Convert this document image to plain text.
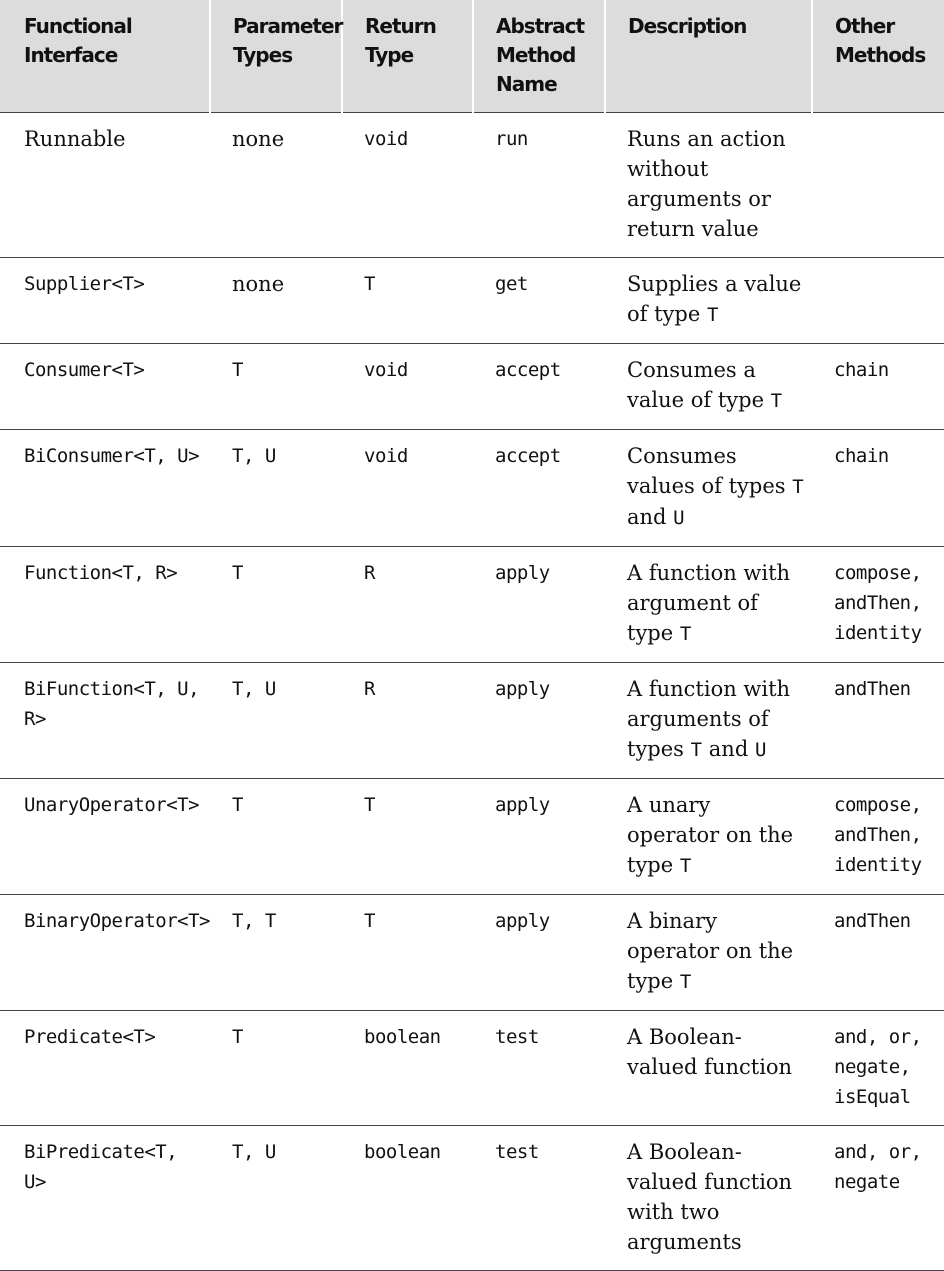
Functional Interface	Parameter Types	Return Type	Abstract Method Name	Description	Other Methods
Runnable	none	void	run	Runs an action without arguments or return value	
Supplier<T>	none	T	get	Supplies a value of type T	
Consumer<T>	T	void	accept	Consumes a value of type T	chain
BiConsumer<T, U>	T, U	void	accept	Consumes values of types T and U	chain
Function<T, R>	T	R	apply	A function with argument of type T	compose,
andThen,
identity
BiFunction<T, U, R>	T, U	R	apply	A function with arguments of types T and U	andThen
UnaryOperator<T>	T	T	apply	A unary operator on the type T	compose,
andThen,
identity
BinaryOperator<T>	T, T	T	apply	A binary operator on the type T	andThen
Predicate<T>	T	boolean	test	A Boolean-valued function	and, or,
negate,
isEqual
BiPredicate<T, U>	T, U	boolean	test	A Boolean-valued function with two arguments	and, or,
negate
